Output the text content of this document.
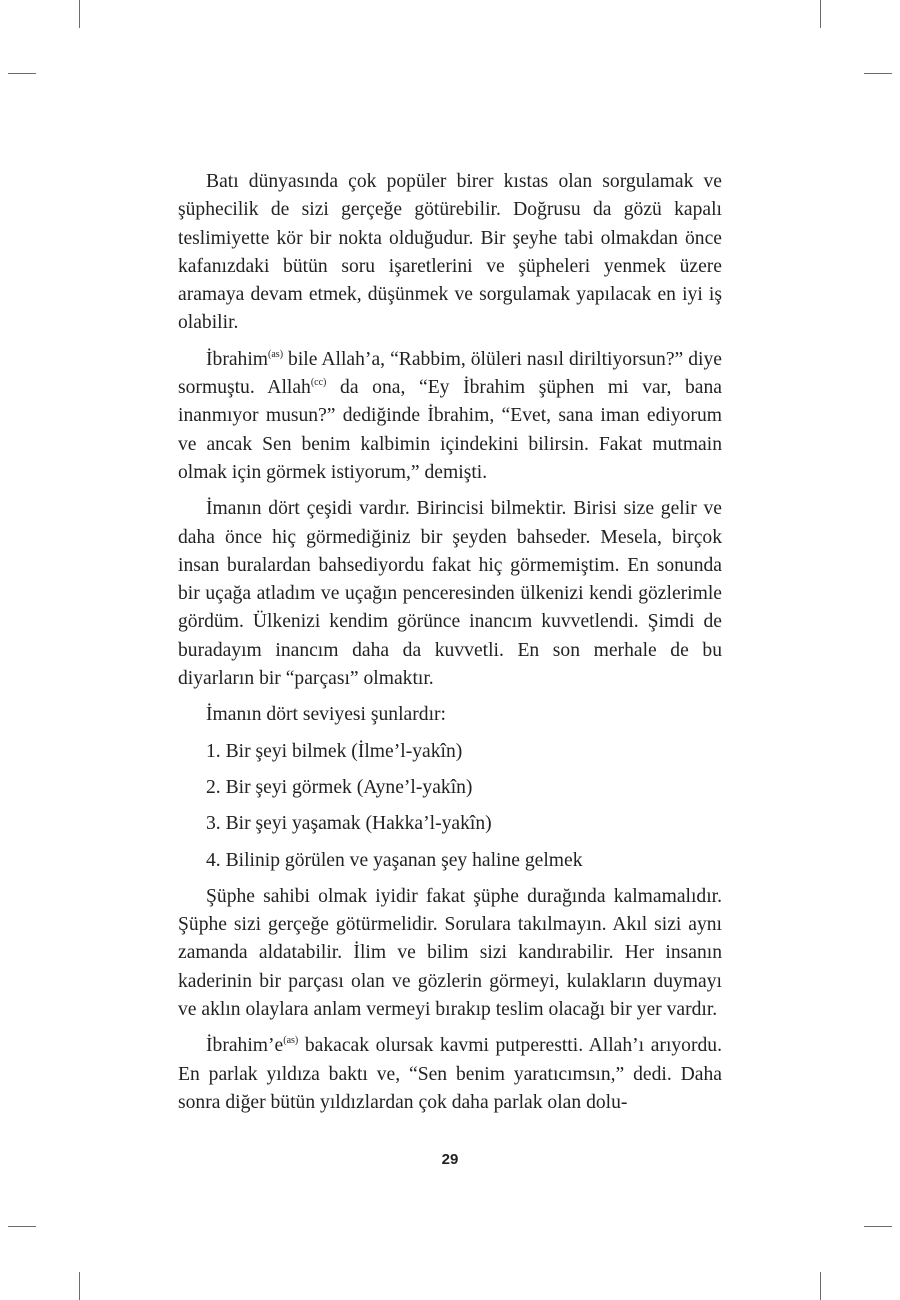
Batı dünyasında çok popüler birer kıstas olan sorgulamak ve şüphecilik de sizi gerçeğe götürebilir. Doğrusu da gözü kapalı teslimiyette kör bir nokta olduğudur. Bir şeyhe tabi olmakdan önce kafanızdaki bütün soru işaretlerini ve şüpheleri yenmek üzere aramaya devam etmek, düşünmek ve sorgulamak yapılacak en iyi iş olabilir.

İbrahim$^{(as)}$ bile Allah’a, “Rabbim, ölüleri nasıl diriltiyorsun?” diye sormuştu. Allah$^{(cc)}$ da ona, “Ey İbrahim şüphen mi var, bana inanmıyor musun?” dediğinde İbrahim, “Evet, sana iman ediyorum ve ancak Sen benim kalbimin içindekini bilirsin. Fakat mutmain olmak için görmek istiyorum,” demişti.

İmanın dört çeşidi vardır. Birincisi bilmektir. Birisi size gelir ve daha önce hiç görmediğiniz bir şeyden bahseder. Mesela, birçok insan buralardan bahsediyordu fakat hiç görmemiştim. En sonunda bir uçağa atladım ve uçağın penceresinden ülkenizi kendi gözlerimle gördüm. Ülkenizi kendim görünce inancım kuvvetlendi. Şimdi de buradayım inancım daha da kuvvetli. En son merhale de bu diyarların bir “parçası” olmaktır.

İmanın dört seviyesi şunlardır:

1. Bir şeyi bilmek (İlme’l-yakîn)

2. Bir şeyi görmek (Ayne’l-yakîn)

3. Bir şeyi yaşamak (Hakka’l-yakîn)

4. Bilinip görülen ve yaşanan şey haline gelmek

Şüphe sahibi olmak iyidir fakat şüphe durağında kalmamalıdır. Şüphe sizi gerçeğe götürmelidir. Sorulara takılmayın. Akıl sizi aynı zamanda aldatabilir. İlim ve bilim sizi kandırabilir. Her insanın kaderinin bir parçası olan ve gözlerin görmeyi, kulakların duymayı ve aklın olaylara anlam vermeyi bırakıp teslim olacağı bir yer vardır.

$İbrahim’e^{(as)}$ bakacak olursak kavmi putperestti. Allah’ı arıyordu. En parlak yıldıza baktı ve, “Sen benim yaratıcımsın,” dedi. Daha sonra diğer bütün yıldızlardan çok daha parlak olan dolu-

29
